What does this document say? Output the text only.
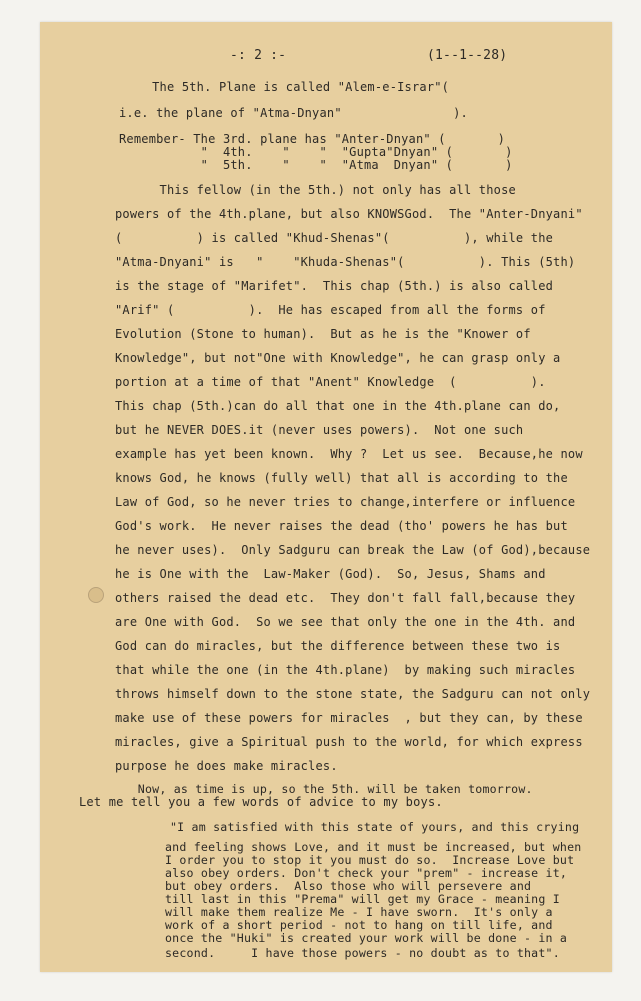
-: 2 :-	(1--1--28)
The 5th. Plane is called "Alem-e-Israr"(
i.e. the plane of "Atma-Dnyan"               ).
Remember- The 3rd. plane has "Anter-Dnyan" (       )
"  4th.    "    "  "Gupta"Dnyan" (       )
"  5th.    "    "  "Atma  Dnyan" (       )
This fellow (in the 5th.) not only has all those
powers of the 4th.plane, but also KNOWSGod.  The "Anter-Dnyani"
(          ) is called "Khud-Shenas"(          ), while the
"Atma-Dnyani" is   "    "Khuda-Shenas"(          ). This (5th)
is the stage of "Marifet".  This chap (5th.) is also called
"Arif" (          ).  He has escaped from all the forms of
Evolution (Stone to human).  But as he is the "Knower of
Knowledge", but not"One with Knowledge", he can grasp only a
portion at a time of that "Anent" Knowledge  (          ).
This chap (5th.)can do all that one in the 4th.plane can do,
but he NEVER DOES.it (never uses powers).  Not one such
example has yet been known.  Why ?  Let us see.  Because,he now
knows God, he knows (fully well) that all is according to the
Law of God, so he never tries to change,interfere or influence
God's work.  He never raises the dead (tho' powers he has but
he never uses).  Only Sadguru can break the Law (of God),because
he is One with the  Law-Maker (God).  So, Jesus, Shams and
others raised the dead etc.  They don't fall fall,because they
are One with God.  So we see that only the one in the 4th. and
God can do miracles, but the difference between these two is
that while the one (in the 4th.plane)  by making such miracles
throws himself down to the stone state, the Sadguru can not only
make use of these powers for miracles  , but they can, by these
miracles, give a Spiritual push to the world, for which express
purpose he does make miracles.
Now, as time is up, so the 5th. will be taken tomorrow.
Let me tell you a few words of advice to my boys.
"I am satisfied with this state of yours, and this crying
and feeling shows Love, and it must be increased, but when
I order you to stop it you must do so.  Increase Love but
also obey orders. Don't check your "prem" - increase it,
but obey orders.  Also those who will persevere and
till last in this "Prema" will get my Grace - meaning I
will make them realize Me - I have sworn.  It's only a
work of a short period - not to hang on till life, and
once the "Huki" is created your work will be done - in a
second.     I have those powers - no doubt as to that".
